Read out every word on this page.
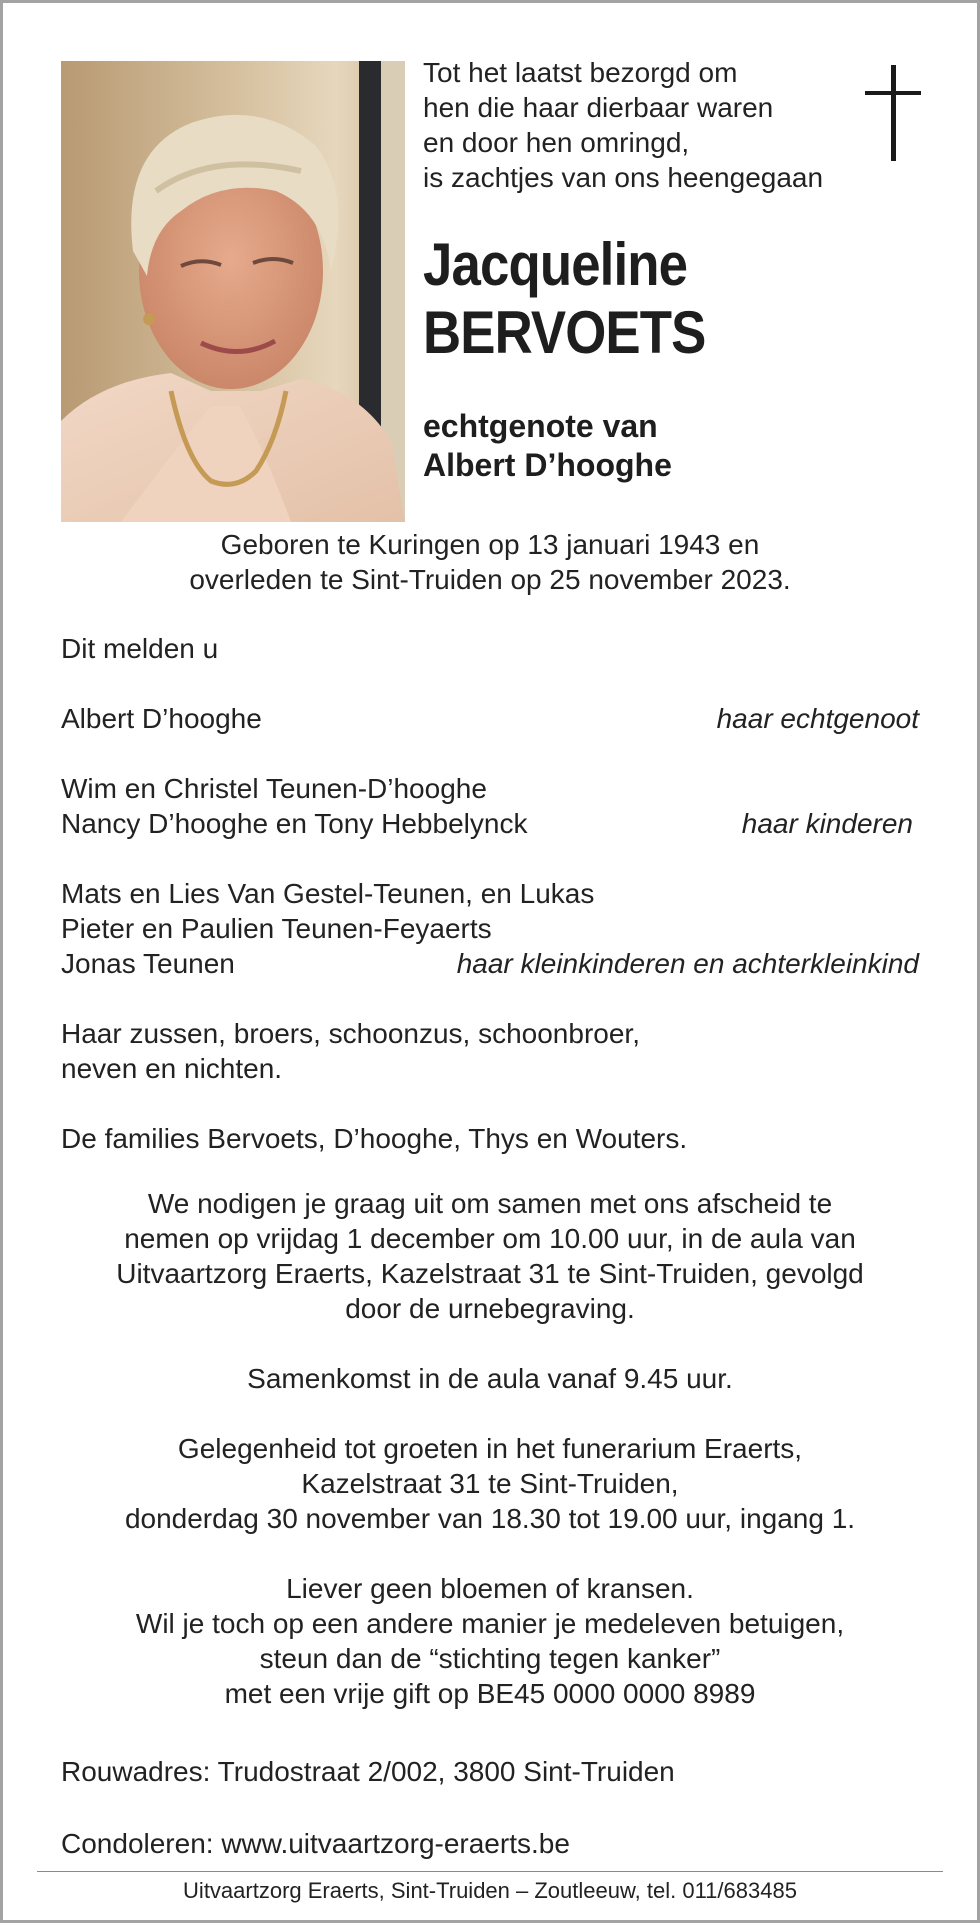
Tot het laatst bezorgd om
hen die haar dierbaar waren
en door hen omringd,
is zachtjes van ons heengegaan
Jacqueline
BERVOETS
echtgenote van
Albert D’hooghe
Geboren te Kuringen op 13 januari 1943 en
overleden te Sint-Truiden op 25 november 2023.
Dit melden u
Albert D’hooghe	haar echtgenoot
Wim en Christel Teunen-D’hooghe
Nancy D’hooghe en Tony Hebbelynck	haar kinderen
Mats en Lies Van Gestel-Teunen, en Lukas
Pieter en Paulien Teunen-Feyaerts
Jonas Teunen	haar kleinkinderen en achterkleinkind
Haar zussen, broers, schoonzus, schoonbroer,
neven en nichten.
De families Bervoets, D’hooghe, Thys en Wouters.
We nodigen je graag uit om samen met ons afscheid te
nemen op vrijdag 1 december om 10.00 uur, in de aula van
Uitvaartzorg Eraerts, Kazelstraat 31 te Sint-Truiden, gevolgd
door de urnebegraving.
Samenkomst in de aula vanaf 9.45 uur.
Gelegenheid tot groeten in het funerarium Eraerts,
Kazelstraat 31 te Sint-Truiden,
donderdag 30 november van 18.30 tot 19.00 uur, ingang 1.
Liever geen bloemen of kransen.
Wil je toch op een andere manier je medeleven betuigen,
steun dan de “stichting tegen kanker”
met een vrije gift op BE45 0000 0000 8989
Rouwadres: Trudostraat 2/002, 3800 Sint-Truiden
Condoleren: www.uitvaartzorg-eraerts.be
Uitvaartzorg Eraerts, Sint-Truiden – Zoutleeuw, tel. 011/683485
